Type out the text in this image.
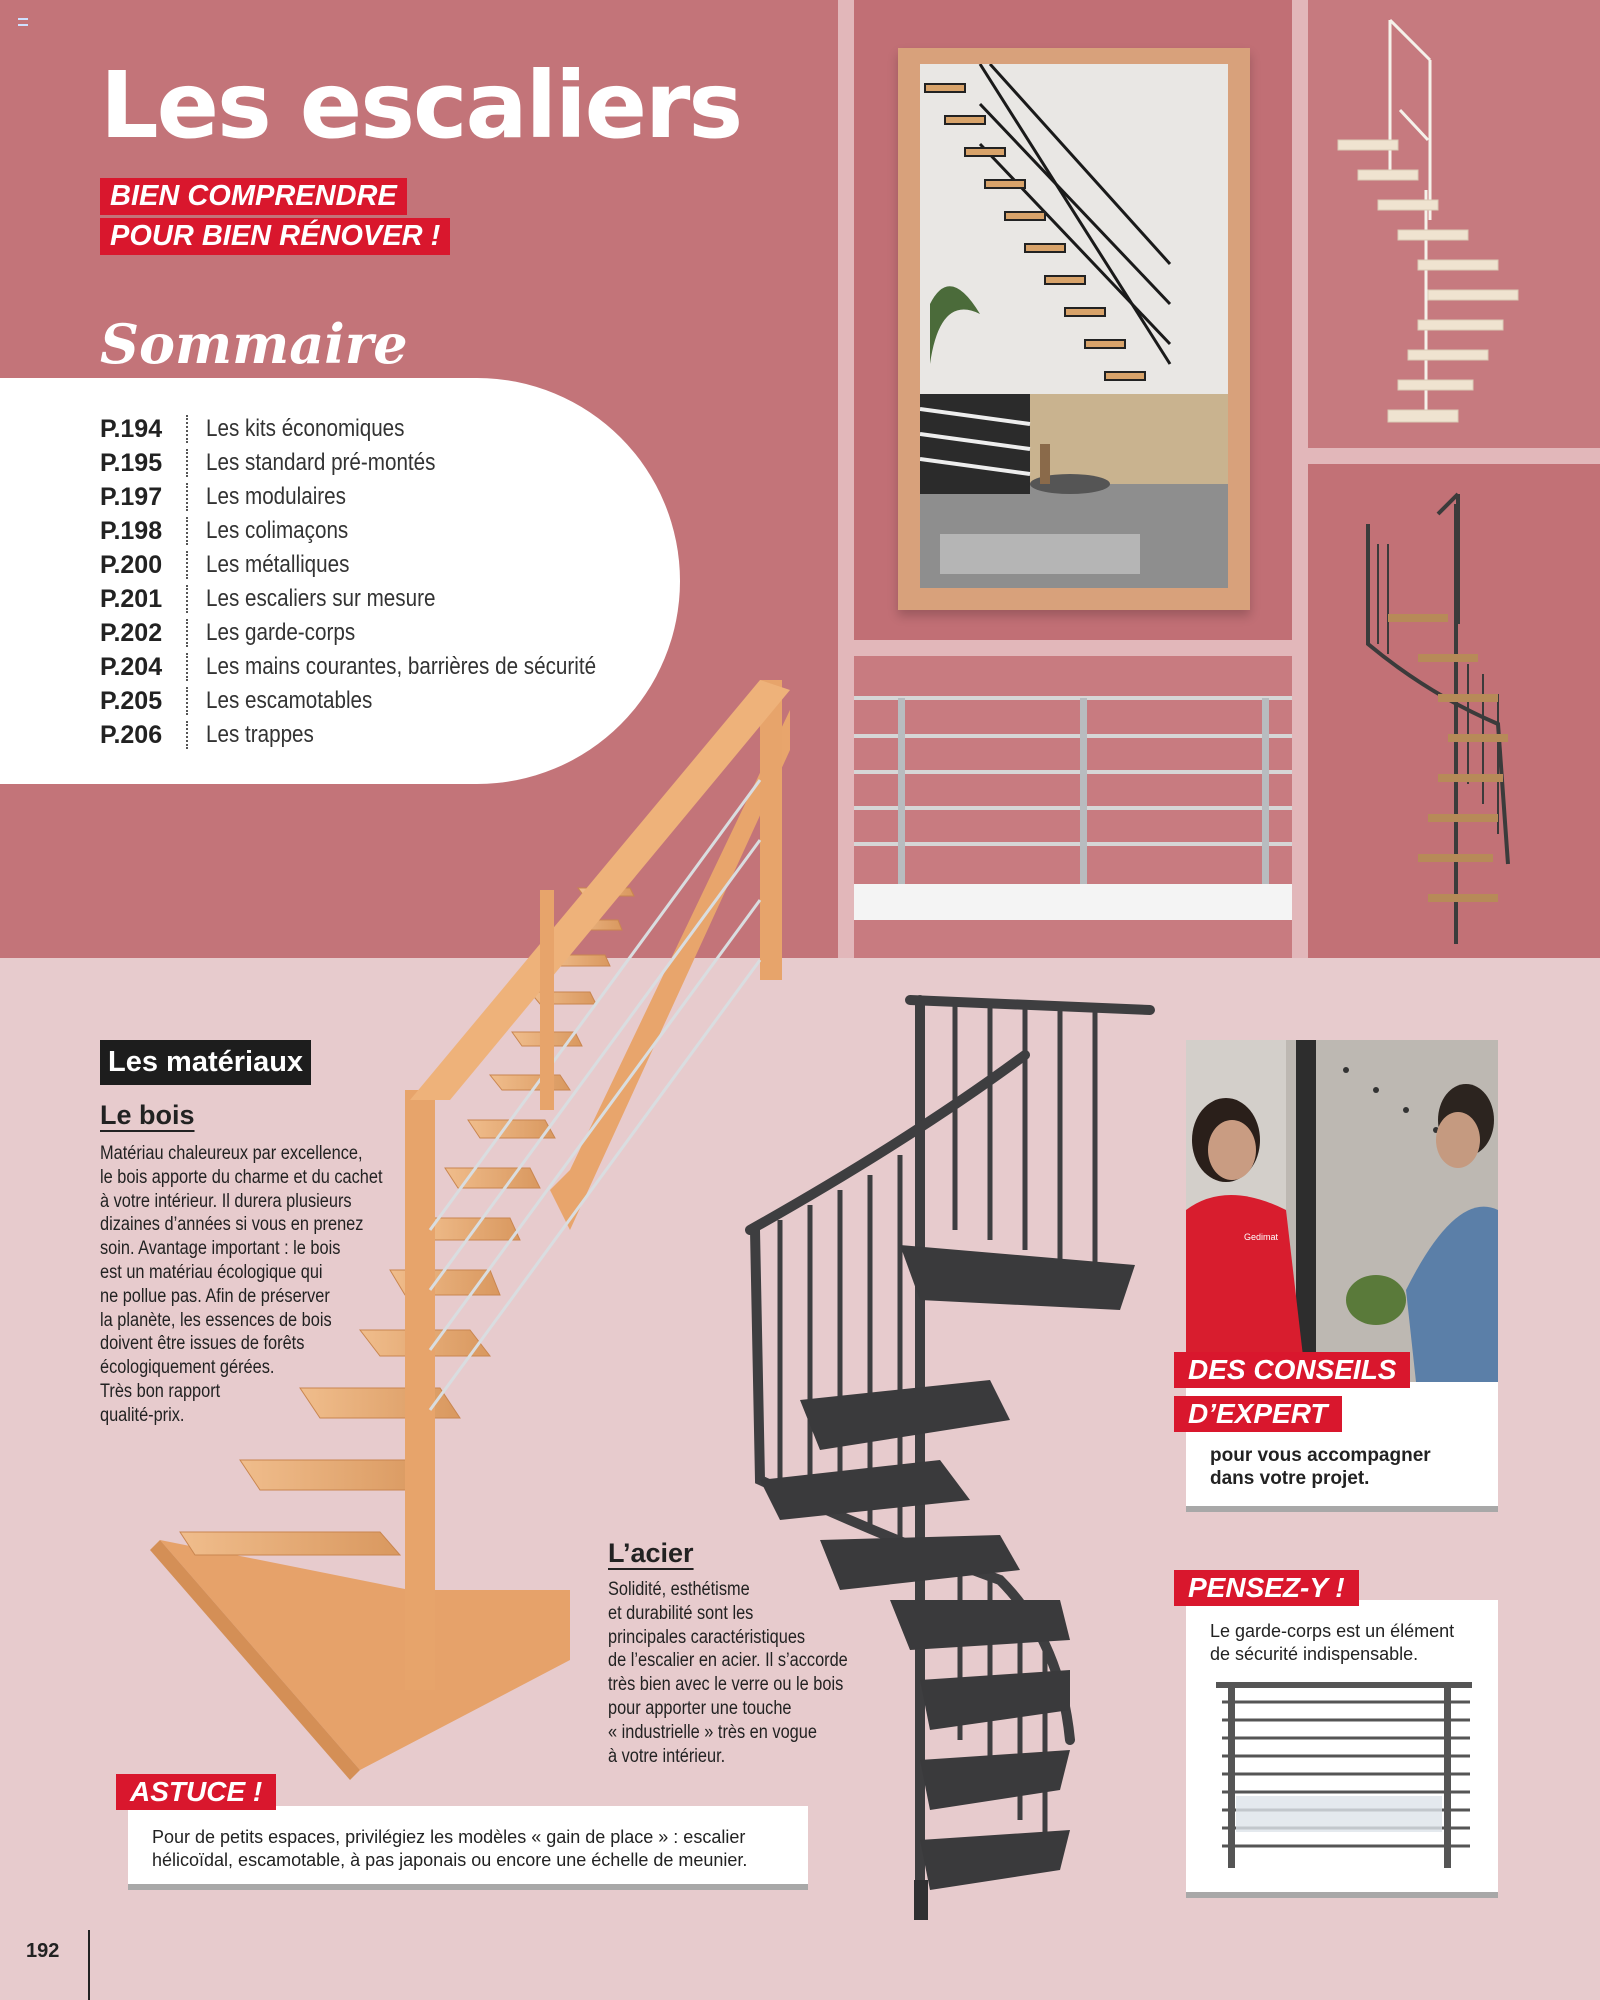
Les escaliers
BIEN COMPRENDRE
POUR BIEN RÉNOVER !
Sommaire
P.194	Les kits économiques
P.195	Les standard pré-montés
P.197	Les modulaires
P.198	Les colimaçons
P.200	Les métalliques
P.201	Les escaliers sur mesure
P.202	Les garde-corps
P.204	Les mains courantes, barrières de sécurité
P.205	Les escamotables
P.206	Les trappes
Les matériaux
Le bois
Matériau chaleureux par excellence,
le bois apporte du charme et du cachet
à votre intérieur. Il durera plusieurs
dizaines d’années si vous en prenez
soin. Avantage important : le bois
est un matériau écologique qui
ne pollue pas. Afin de préserver
la planète, les essences de bois
doivent être issues de forêts
écologiquement gérées.
Très bon rapport
qualité-prix.
L’acier
Solidité, esthétisme
et durabilité sont les
principales caractéristiques
de l’escalier en acier. Il s’accorde
très bien avec le verre ou le bois
pour apporter une touche
« industrielle » très en vogue
à votre intérieur.
Gedimat
DES CONSEILS
D’EXPERT
pour vous accompagner
dans votre projet.
PENSEZ-Y !
Le garde-corps est un élément
de sécurité indispensable.
ASTUCE !
Pour de petits espaces, privilégiez les modèles « gain de place » : escalier
hélicoïdal, escamotable, à pas japonais ou encore une échelle de meunier.
192
